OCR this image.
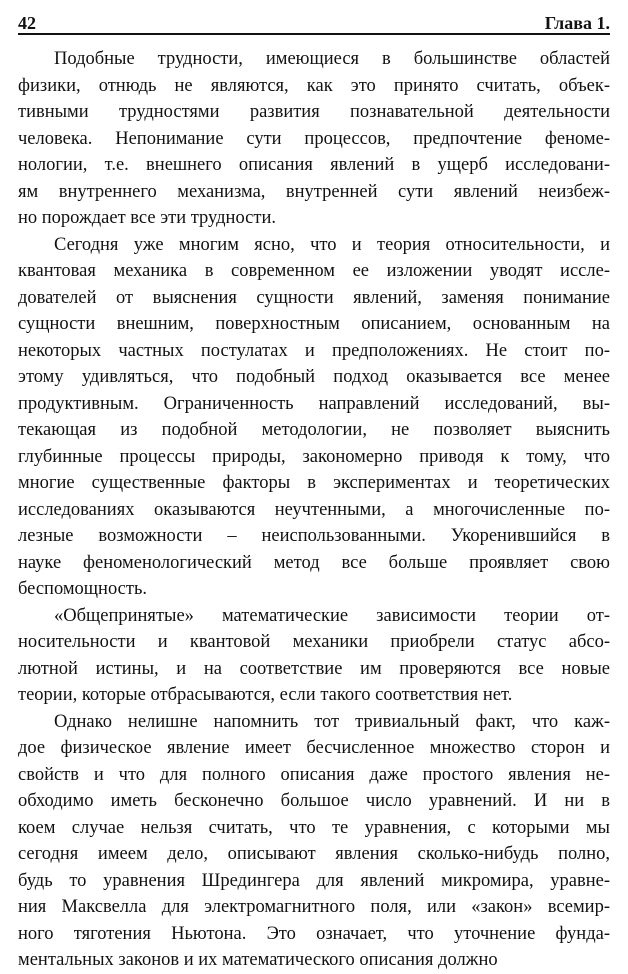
42	Глава 1.
Подобные трудности, имеющиеся в большинстве областей
физики, отнюдь не являются, как это принято считать, объек-
тивными трудностями развития познавательной деятельности
человека. Непонимание сути процессов, предпочтение феноме-
нологии, т.е. внешнего описания явлений в ущерб исследовани-
ям внутреннего механизма, внутренней сути явлений неизбеж-
но порождает все эти трудности.
Сегодня уже многим ясно, что и теория относительности, и
квантовая механика в современном ее изложении уводят иссле-
дователей от выяснения сущности явлений, заменяя понимание
сущности внешним, поверхностным описанием, основанным на
некоторых частных постулатах и предположениях. Не стоит по-
этому удивляться, что подобный подход оказывается все менее
продуктивным. Ограниченность направлений исследований, вы-
текающая из подобной методологии, не позволяет выяснить
глубинные процессы природы, закономерно приводя к тому, что
многие существенные факторы в экспериментах и теоретических
исследованиях оказываются неучтенными, а многочисленные по-
лезные возможности – неиспользованными. Укоренившийся в
науке феноменологический метод все больше проявляет свою
беспомощность.
«Общепринятые» математические зависимости теории от-
носительности и квантовой механики приобрели статус абсо-
лютной истины, и на соответствие им проверяются все новые
теории, которые отбрасываются, если такого соответствия нет.
Однако нелишне напомнить тот тривиальный факт, что каж-
дое физическое явление имеет бесчисленное множество сторон и
свойств и что для полного описания даже простого явления не-
обходимо иметь бесконечно большое число уравнений. И ни в
коем случае нельзя считать, что те уравнения, с которыми мы
сегодня имеем дело, описывают явления сколько-нибудь полно,
будь то уравнения Шредингера для явлений микромира, уравне-
ния Максвелла для электромагнитного поля, или «закон» всемир-
ного тяготения Ньютона. Это означает, что уточнение фунда-
ментальных законов и их математического описания должно
